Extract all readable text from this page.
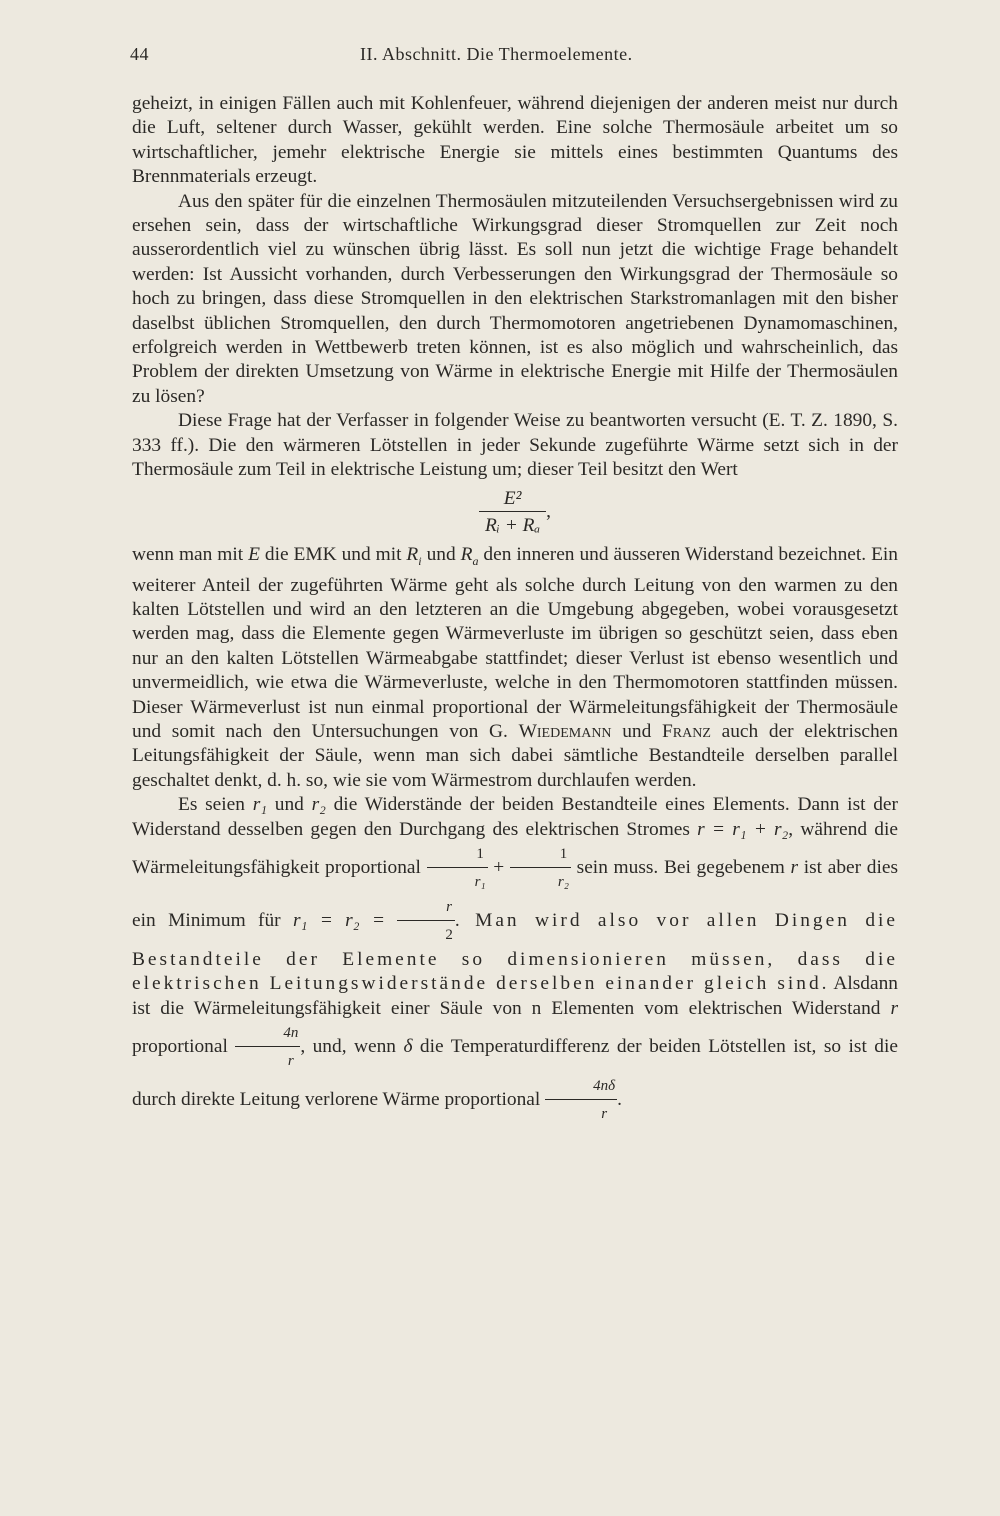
44	II. Abschnitt. Die Thermoelemente.

geheizt, in einigen Fällen auch mit Kohlenfeuer, während diejenigen der anderen meist nur durch die Luft, seltener durch Wasser, gekühlt werden. Eine solche Thermosäule arbeitet um so wirtschaftlicher, jemehr elektrische Energie sie mittels eines bestimmten Quantums des Brennmaterials erzeugt.

Aus den später für die einzelnen Thermosäulen mitzuteilenden Versuchsergebnissen wird zu ersehen sein, dass der wirtschaftliche Wirkungsgrad dieser Stromquellen zur Zeit noch ausserordentlich viel zu wünschen übrig lässt. Es soll nun jetzt die wichtige Frage behandelt werden: Ist Aussicht vorhanden, durch Verbesserungen den Wirkungsgrad der Thermosäule so hoch zu bringen, dass diese Stromquellen in den elektrischen Starkstromanlagen mit den bisher daselbst üblichen Stromquellen, den durch Thermomotoren angetriebenen Dynamomaschinen, erfolgreich werden in Wettbewerb treten können, ist es also möglich und wahrscheinlich, das Problem der direkten Umsetzung von Wärme in elektrische Energie mit Hilfe der Thermosäulen zu lösen?

Diese Frage hat der Verfasser in folgender Weise zu beantworten versucht (E. T. Z. 1890, S. 333 ff.). Die den wärmeren Lötstellen in jeder Sekunde zugeführte Wärme setzt sich in der Thermosäule zum Teil in elektrische Leistung um; dieser Teil besitzt den Wert

$\frac{\text{E²}}{\text{Rᵢ + Rₐ}}$ ,

wenn man mit E die EMK und mit $R_i$ und $R_a$ den inneren und äusseren Widerstand bezeichnet. Ein weiterer Anteil der zugeführten Wärme geht als solche durch Leitung von den warmen zu den kalten Lötstellen und wird an den letzteren an die Umgebung abgegeben, wobei vorausgesetzt werden mag, dass die Elemente gegen Wärmeverluste im übrigen so geschützt seien, dass eben nur an den kalten Lötstellen Wärmeabgabe stattfindet; dieser Verlust ist ebenso wesentlich und unvermeidlich, wie etwa die Wärmeverluste, welche in den Thermomotoren stattfinden müssen. Dieser Wärmeverlust ist nun einmal proportional der Wärmeleitungsfähigkeit der Thermosäule und somit nach den Untersuchungen von G. Wiedemann und Franz auch der elektrischen Leitungsfähigkeit der Säule, wenn man sich dabei sämtliche Bestandteile derselben parallel geschaltet denkt, d. h. so, wie sie vom Wärmestrom durchlaufen werden.

Es seien r₁ und r₂ die Widerstände der beiden Bestandteile eines Elements. Dann ist der Widerstand desselben gegen den Durchgang des elektrischen Stromes r = r₁ + r₂, während die Wärmeleitungsfähigkeit proportional $\frac{1}{\text{r₁}} + \frac{1}{\text{r₂}}$ sein muss. Bei gegebenem r ist aber dies ein Minimum für $r_1 = r_2 = \frac{r}{2}$ . Man wird also vor allen Dingen die Bestandteile der Elemente so dimensionieren müssen, dass die elektrischen Leitungswiderstände derselben einander gleich sind. Alsdann ist die Wärmeleitungsfähigkeit einer Säule von n Elementen vom elektrischen Widerstand r proportional $\frac{4n}{r}$ , und, wenn δ die Temperaturdifferenz der beiden Lötstellen ist, so ist die durch direkte Leitung verlorene Wärme proportional $\frac{4n\delta}{r}$ .
